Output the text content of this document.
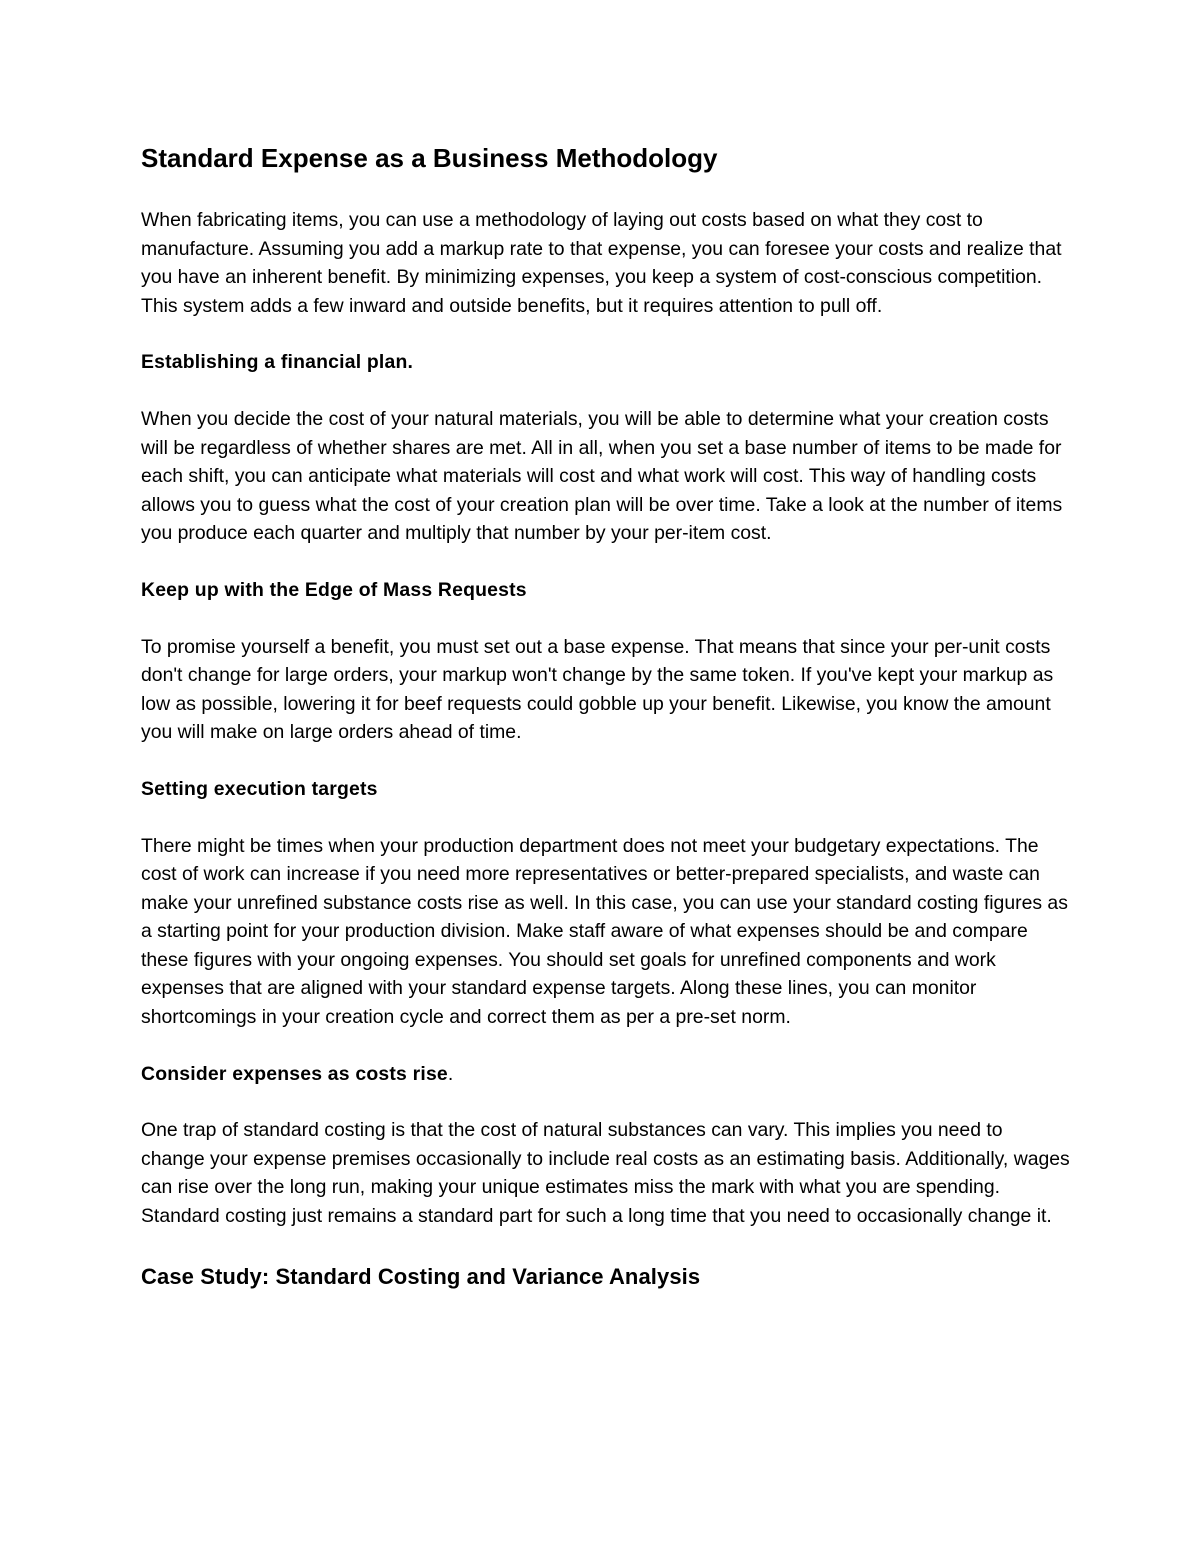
Standard Expense as a Business Methodology

When fabricating items, you can use a methodology of laying out costs based on what they cost to manufacture. Assuming you add a markup rate to that expense, you can foresee your costs and realize that you have an inherent benefit. By minimizing expenses, you keep a system of cost-conscious competition. This system adds a few inward and outside benefits, but it requires attention to pull off.

Establishing a financial plan.

When you decide the cost of your natural materials, you will be able to determine what your creation costs will be regardless of whether shares are met. All in all, when you set a base number of items to be made for each shift, you can anticipate what materials will cost and what work will cost. This way of handling costs allows you to guess what the cost of your creation plan will be over time. Take a look at the number of items you produce each quarter and multiply that number by your per-item cost.

Keep up with the Edge of Mass Requests

To promise yourself a benefit, you must set out a base expense. That means that since your per-unit costs don't change for large orders, your markup won't change by the same token. If you've kept your markup as low as possible, lowering it for beef requests could gobble up your benefit. Likewise, you know the amount you will make on large orders ahead of time.

Setting execution targets

There might be times when your production department does not meet your budgetary expectations. The cost of work can increase if you need more representatives or better-prepared specialists, and waste can make your unrefined substance costs rise as well. In this case, you can use your standard costing figures as a starting point for your production division. Make staff aware of what expenses should be and compare these figures with your ongoing expenses. You should set goals for unrefined components and work expenses that are aligned with your standard expense targets. Along these lines, you can monitor shortcomings in your creation cycle and correct them as per a pre-set norm.

Consider expenses as costs rise.

One trap of standard costing is that the cost of natural substances can vary. This implies you need to change your expense premises occasionally to include real costs as an estimating basis. Additionally, wages can rise over the long run, making your unique estimates miss the mark with what you are spending. Standard costing just remains a standard part for such a long time that you need to occasionally change it.

Case Study: Standard Costing and Variance Analysis
